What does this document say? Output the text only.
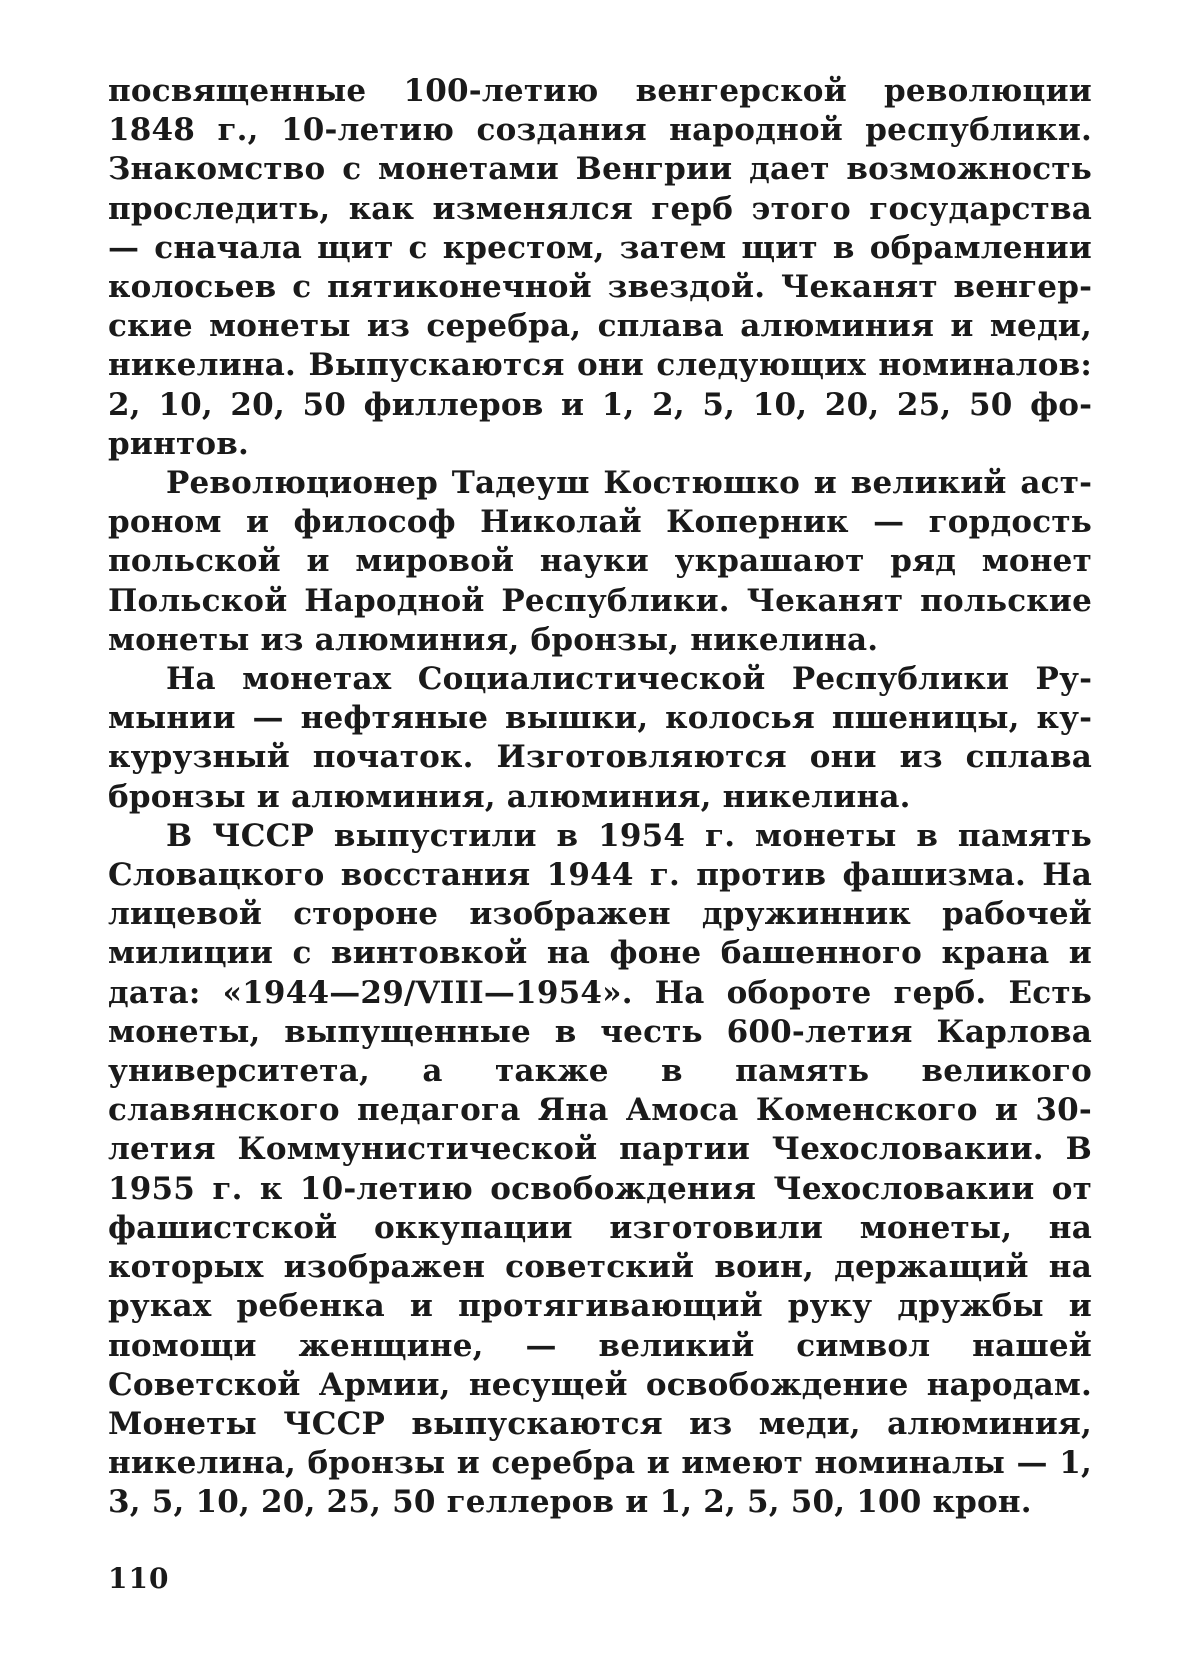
посвященные 100-летию венгерской революции 1848 г., 10-летию создания народной республики. Знакомство с монетами Венгрии дает возможность проследить, как изменялся герб этого государства — сначала щит с крестом, затем щит в обрамлении колосьев с пятиконечной звездой. Чеканят венгерские монеты из серебра, сплава алюминия и меди, никелина. Выпускаются они следующих номиналов: 2, 10, 20, 50 филлеров и 1, 2, 5, 10, 20, 25, 50 форинтов.

Революционер Тадеуш Костюшко и великий астроном и философ Николай Коперник — гордость польской и мировой науки украшают ряд монет Польской Народной Республики. Чеканят польские монеты из алюминия, бронзы, никелина.

На монетах Социалистической Республики Румынии — нефтяные вышки, колосья пшеницы, кукурузный початок. Изготовляются они из сплава бронзы и алюминия, алюминия, никелина.

В ЧССР выпустили в 1954 г. монеты в память Словацкого восстания 1944 г. против фашизма. На лицевой стороне изображен дружинник рабочей милиции с винтовкой на фоне башенного крана и дата: «1944—29/VIII—1954». На обороте герб. Есть монеты, выпущенные в честь 600-летия Карлова университета, а также в память великого славянского педагога Яна Амоса Коменского и 30-летия Коммунистической партии Чехословакии. В 1955 г. к 10-летию освобождения Чехословакии от фашистской оккупации изготовили монеты, на которых изображен советский воин, держащий на руках ребенка и протягивающий руку дружбы и помощи женщине, — великий символ нашей Советской Армии, несущей освобождение народам. Монеты ЧССР выпускаются из меди, алюминия, никелина, бронзы и серебра и имеют номиналы — 1, 3, 5, 10, 20, 25, 50 геллеров и 1, 2, 5, 50, 100 крон.

110
